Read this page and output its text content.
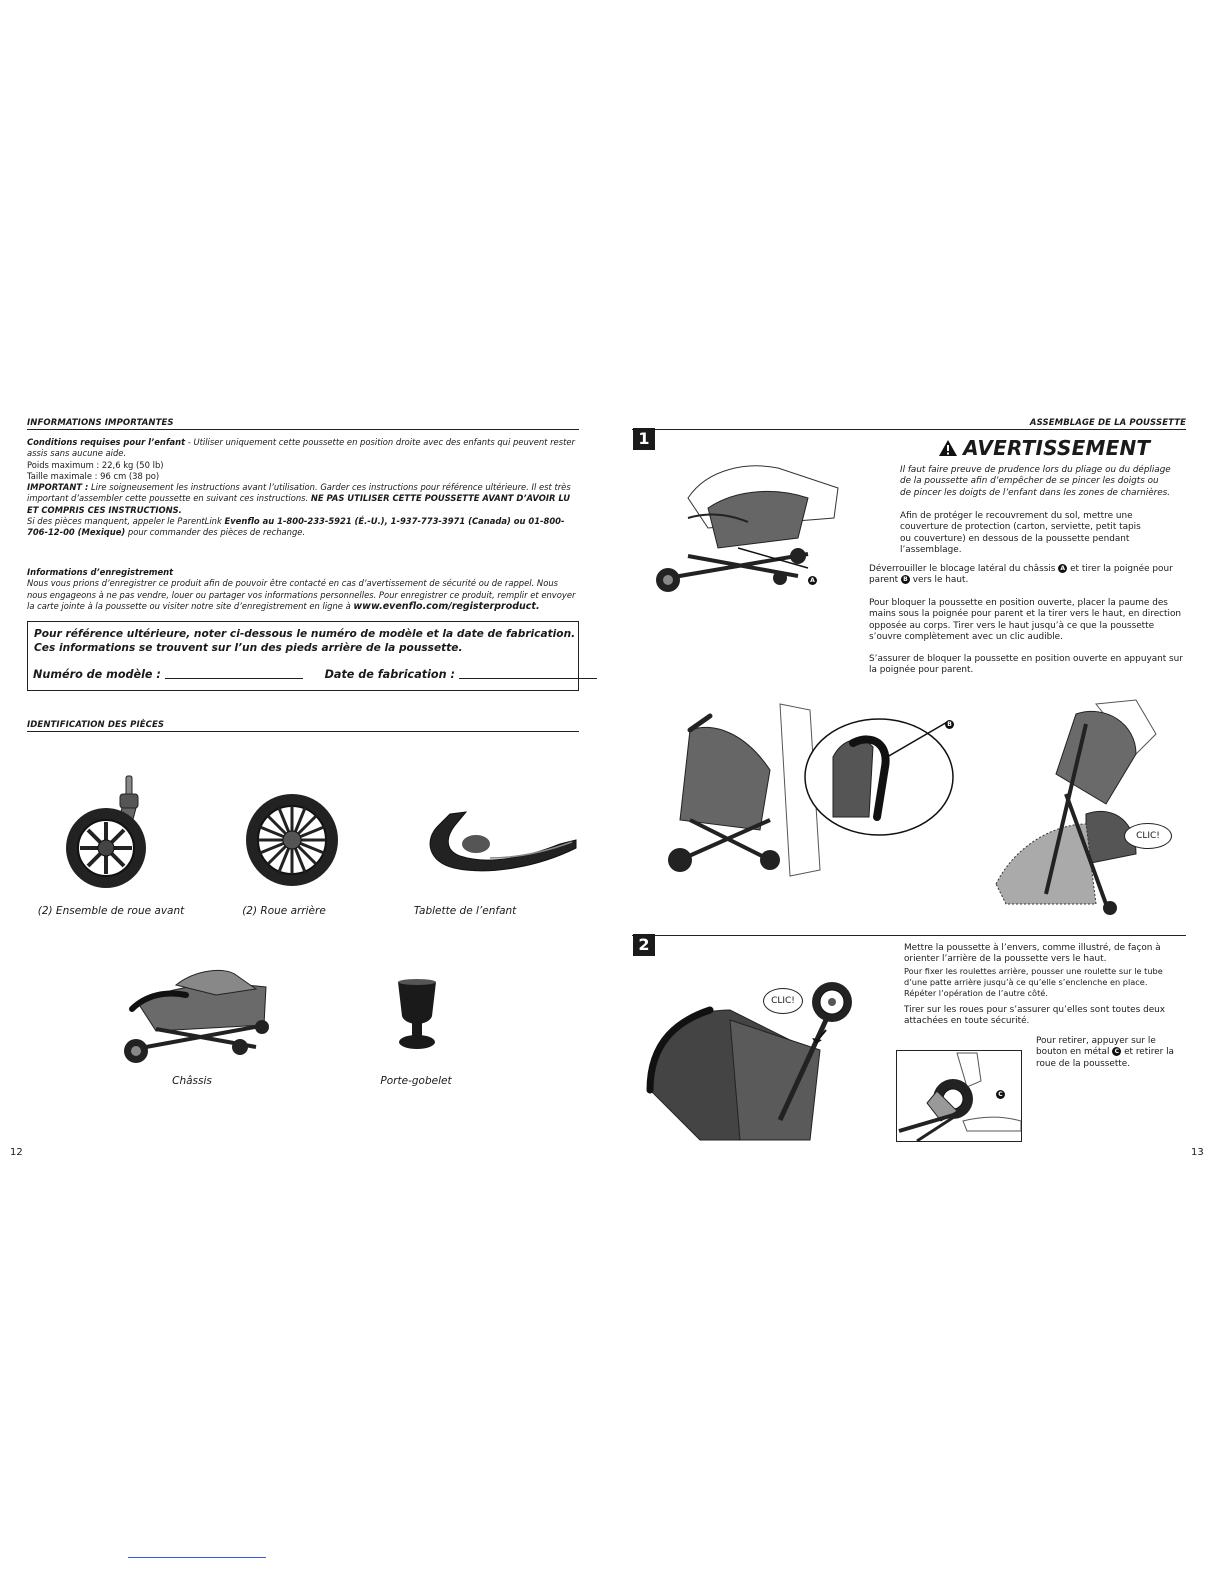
INFORMATIONS IMPORTANTES
Conditions requises pour l’enfant - Utiliser uniquement cette poussette en position droite avec des enfants qui peuvent rester assis sans aucune aide.
Poids maximum : 22,6 kg (50 lb)
Taille maximale : 96 cm (38 po)
IMPORTANT : Lire soigneusement les instructions avant l’utilisation. Garder ces instructions pour référence ultérieure. Il est très important d’assembler cette poussette en suivant ces instructions. NE PAS UTILISER CETTE POUSSETTE AVANT D’AVOIR LU ET COMPRIS CES INSTRUCTIONS.
Si des pièces manquent, appeler le ParentLink Evenflo au 1-800-233-5921 (É.-U.), 1-937-773-3971 (Canada) ou 01-800-706-12-00 (Mexique) pour commander des pièces de rechange.
Informations d’enregistrement
Nous vous prions d’enregistrer ce produit afin de pouvoir être contacté en cas d’avertissement de sécurité ou de rappel. Nous nous engageons à ne pas vendre, louer ou partager vos informations personnelles. Pour enregistrer ce produit, remplir et envoyer la carte jointe à la poussette ou visiter notre site d’enregistrement en ligne à www.evenflo.com/registerproduct.
Pour référence ultérieure, noter ci-dessous le numéro de modèle et la date de fabrication.
Ces informations se trouvent sur l’un des pieds arrière de la poussette.
Numéro de modèle :	Date de fabrication :
IDENTIFICATION DES PIÈCES
(2) Ensemble de roue avant	(2) Roue arrière	Tablette de l’enfant
Châssis	Porte-gobelet
12
ASSEMBLAGE DE LA POUSSETTE
1
A
AVERTISSEMENT
Il faut faire preuve de prudence lors du pliage ou du dépliage de la poussette afin d’empêcher de se pincer les doigts ou de pincer les doigts de l’enfant dans les zones de charnières.
Afin de protéger le recouvrement du sol, mettre une couverture de protection (carton, serviette, petit tapis ou couverture) en dessous de la poussette pendant l’assemblage.
Déverrouiller le blocage latéral du châssis A et tirer la poignée pour parent B vers le haut.
Pour bloquer la poussette en position ouverte, placer la paume des mains sous la poignée pour parent et la tirer vers le haut, en direction opposée au corps. Tirer vers le haut jusqu’à ce que la poussette s’ouvre complètement avec un clic audible.
S’assurer de bloquer la poussette en position ouverte en appuyant sur la poignée pour parent.
B
CLIC!
2	Mettre la poussette à l’envers, comme illustré, de façon à orienter l’arrière de la poussette vers le haut.
Pour fixer les roulettes arrière, pousser une roulette sur le tube d’une patte arrière jusqu’à ce qu’elle s’enclenche en place. Répéter l’opération de l’autre côté.
Tirer sur les roues pour s’assurer qu’elles sont toutes deux attachées en toute sécurité.
Pour retirer, appuyer sur le bouton en métal C et retirer la roue de la poussette.
CLIC!
C
13
